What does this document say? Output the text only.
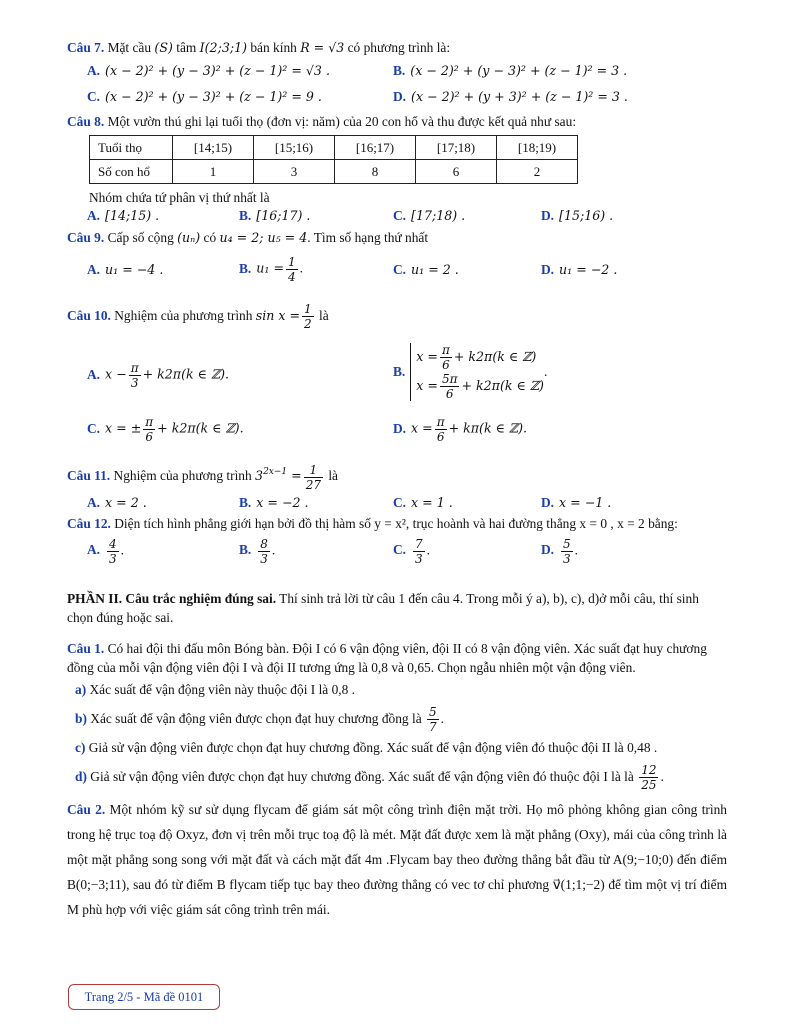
Câu 7. Mặt cầu (S) tâm I(2;3;1) bán kính R = √3 có phương trình là:

A. (x − 2)² + (y − 3)² + (z − 1)² = √3 .	B. (x − 2)² + (y − 3)² + (z − 1)² = 3 .
C. (x − 2)² + (y − 3)² + (z − 1)² = 9 .	D. (x − 2)² + (y + 3)² + (z − 1)² = 3 .

Câu 8. Một vườn thú ghi lại tuổi thọ (đơn vị: năm) của 20 con hổ và thu được kết quả như sau:

Tuổi thọ	[14;15)	[15;16)	[16;17)	[17;18)	[18;19)
Số con hổ	1	3	8	6	2

Nhóm chứa tứ phân vị thứ nhất là

A. [14;15) .	B. [16;17) .	C. [17;18) .	D. [15;16) .

Câu 9. Cấp số cộng (uₙ) có u₄ = 2; u₅ = 4. Tìm số hạng thứ nhất

A. u₁ = −4 .	B. $u_1 = \frac{1}{4}$ .	C. u₁ = 2 .	D. u₁ = −2 .

Câu 10. Nghiệm của phương trình $\sin x = \frac{1}{2}$ là

A. $x - \frac{\pi}{3} + k2\pi(k$ ∈ ℤ).	B.
$x = \frac{\pi}{6} + k2\pi(k$ ∈ ℤ)
$x = \frac{5\pi}{6} + k2\pi(k$ ∈ ℤ)
.
C. x = ± $\frac{\pi}{6} + k2\pi(k$ ∈ ℤ).	D. $x = \frac{\pi}{6} + k\pi(k$ ∈ ℤ).

Câu 11. Nghiệm của phương trình $3^{2x-1} = \frac{1}{27}$ là

A. x = 2 .	B. x = −2 .	C. x = 1 .	D. x = −1 .

Câu 12. Diện tích hình phẳng giới hạn bởi đồ thị hàm số y = x², trục hoành và hai đường thẳng x = 0 , x = 2 bằng:

A. $\frac{4}{3}$ .	B. $\frac{8}{3}$ .	C. $\frac{7}{3}$ .	D. $\frac{5}{3}$ .

PHẦN II. Câu trắc nghiệm đúng sai. Thí sinh trả lời từ câu 1 đến câu 4. Trong mỗi ý a), b), c), d)ở mỗi câu, thí sinh chọn đúng hoặc sai.

Câu 1. Có hai đội thi đấu môn Bóng bàn. Đội I có 6 vận động viên, đội II có 8 vận động viên. Xác suất đạt huy chương đồng của mỗi vận động viên đội I và đội II tương ứng là 0,8 và 0,65. Chọn ngẫu nhiên một vận động viên.

a) Xác suất để vận động viên này thuộc đội I là 0,8 .
b) Xác suất để vận động viên được chọn đạt huy chương đồng là $\frac{5}{7}$ .
c) Giả sử vận động viên được chọn đạt huy chương đồng. Xác suất để vận động viên đó thuộc đội II là 0,48 .
d) Giả sử vận động viên được chọn đạt huy chương đồng. Xác suất để vận động viên đó thuộc đội I là là $\frac{12}{25}$ .

Câu 2. Một nhóm kỹ sư sử dụng flycam để giám sát một công trình điện mặt trời. Họ mô phỏng không gian công trình trong hệ trục toạ độ Oxyz, đơn vị trên mỗi trục toạ độ là mét. Mặt đất được xem là mặt phẳng (Oxy), mái của công trình là một mặt phẳng song song với mặt đất và cách mặt đất 4m .Flycam bay theo đường thẳng bắt đầu từ A(9;−10;0) đến điểm B(0;−3;11), sau đó từ điểm B flycam tiếp tục bay theo đường thẳng có vec tơ chỉ phương v⃗(1;1;−2) để tìm một vị trí điểm M phù hợp với việc giám sát công trình trên mái.

Trang 2/5 - Mã đề 0101
